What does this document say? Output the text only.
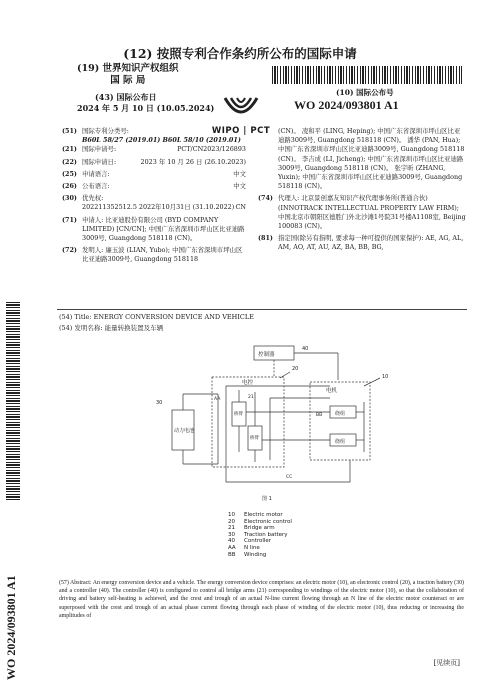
(12) 按照专利合作条约所公布的国际申请
(19) 世界知识产权组织

国 际 局
(10) 国际公布号
WO 2024/093801 A1
(43) 国际公布日
2024 年 5 月 10 日 (10.05.2024)
WIPO | PCT
(51) 国际专利分类号:
B60L 58/27 (2019.01) B60L 58/10 (2019.01)
(21) 国际申请号:	PCT/CN2023/126893
(22) 国际申请日:	2023 年 10 月 26 日 (26.10.2023)
(25) 申请语言:	中文
(26) 公布语言:	中文
(30) 优先权:
202211352512.5 2022年10月31日 (31.10.2022) CN
(71) 申请人: 比亚迪股份有限公司 (BYD COMPANY LIMITED) [CN/CN]; 中国广东省深圳市坪山区比亚迪路3009号, Guangdong 518118 (CN)。
(72) 发明人: 廉玉波 (LIAN, Yubo); 中国广东省深圳市坪山区比亚迪路3009号, Guangdong 518118
(CN)。 凌和平 (LING, Heping); 中国广东省深圳市坪山区比亚迪路3009号, Guangdong 518118 (CN)。 潘华 (PAN, Hua); 中国广东省深圳市坪山区比亚迪路3009号, Guangdong 518118 (CN)。 李吉成 (LI, Jicheng); 中国广东省深圳市坪山区比亚迪路3009号, Guangdong 518118 (CN)。 张宇昕 (ZHANG, Yuxin); 中国广东省深圳市坪山区比亚迪路3009号, Guangdong 518118 (CN)。
(74) 代理人: 北京景创嘉友知识产权代理事务所(普通合伙) (INNOTRACK INTELLECTUAL PROPERTY LAW FIRM); 中国北京市朝阳区德胜门外北沙滩1号院31号楼A1108室, Beijing 100083 (CN)。
(81) 指定国(除另有指明, 要求每一种可提供的国家保护): AE, AG, AL, AM, AO, AT, AU, AZ, BA, BB, BG,
WO 2024/093801 A1
(54) Title: ENERGY CONVERSION DEVICE AND VEHICLE
(54) 发明名称: 能量转换装置及车辆
控制器
40
电控
20
电机
10
绕组
绕组
桥臂
桥臂
动力电池
30
21
AA
BB
CC
图 1
10 Electric motor
20 Electronic control
21 Bridge arm
30 Traction battery
40 Controller
AA N line
BB Winding
(57) Abstract: An energy conversion device and a vehicle. The energy conversion device comprises: an electric motor (10), an electronic control (20), a traction battery (30) and a controller (40). The controller (40) is configured to control all bridge arms (21) corresponding to windings of the electric motor (10), so that the collaboration of driving and battery self-heating is achieved, and the crest and trough of an actual N-line current flowing through an N line of the electric motor counteract or are superposed with the crest and trough of an actual phase current flowing through each phase of winding of the electric motor (10), thus reducing or increasing the amplitudes of
[见续页]
